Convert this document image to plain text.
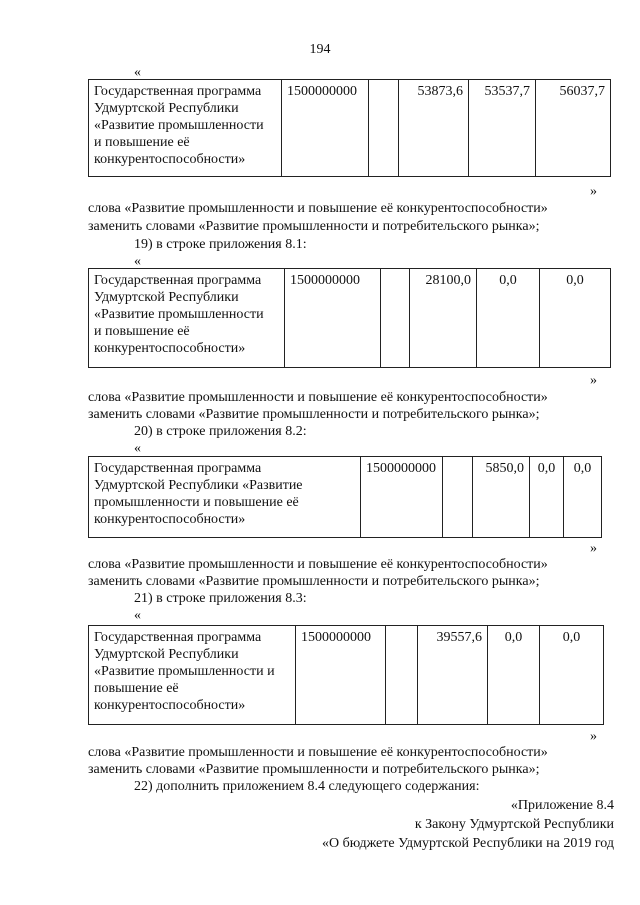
194
«
Государственная программа
Удмуртской Республики
«Развитие промышленности
и повышение её
конкурентоспособности»
	1500000000		53873,6	53537,7	56037,7
»
слова «Развитие промышленности и повышение её конкурентоспособности»
заменить словами «Развитие промышленности и потребительского рынка»;
19) в строке приложения 8.1:
«
Государственная программа
Удмуртской Республики
«Развитие промышленности
и повышение её
конкурентоспособности»
	1500000000		28100,0	0,0	0,0
»
слова «Развитие промышленности и повышение её конкурентоспособности»
заменить словами «Развитие промышленности и потребительского рынка»;
20) в строке приложения 8.2:
«
Государственная программа
Удмуртской Республики «Развитие
промышленности и повышение её
конкурентоспособности»
	1500000000		5850,0	0,0	0,0
»
слова «Развитие промышленности и повышение её конкурентоспособности»
заменить словами «Развитие промышленности и потребительского рынка»;
21) в строке приложения 8.3:
«
Государственная программа
Удмуртской Республики
«Развитие промышленности и
повышение её
конкурентоспособности»
	1500000000		39557,6	0,0	0,0
»
слова «Развитие промышленности и повышение её конкурентоспособности»
заменить словами «Развитие промышленности и потребительского рынка»;
22) дополнить приложением 8.4 следующего содержания:
«Приложение 8.4
к Закону Удмуртской Республики
«О бюджете Удмуртской Республики на 2019 год
